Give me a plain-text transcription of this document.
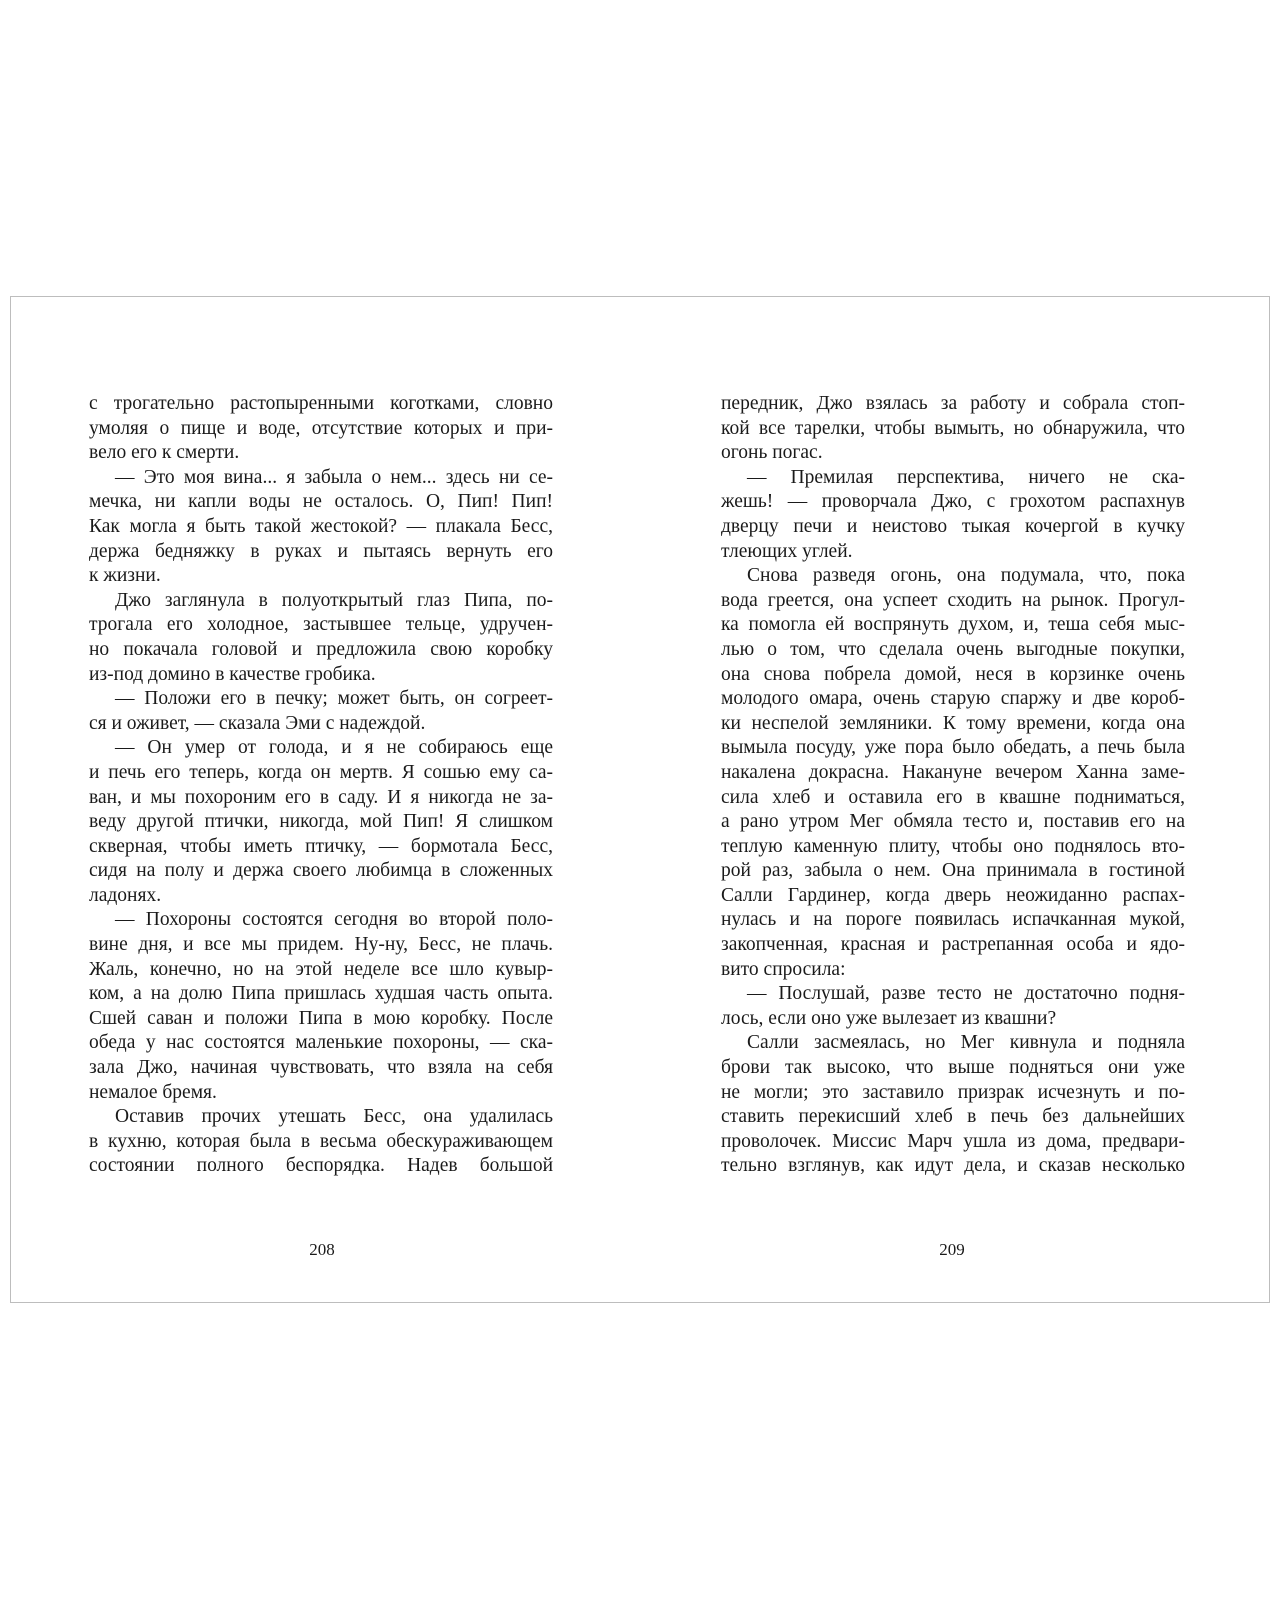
с трогательно растопыренными коготками, словно
умоляя о пище и воде, отсутствие которых и при-
вело его к смерти.
— Это моя вина... я забыла о нем... здесь ни се-
мечка, ни капли воды не осталось. О, Пип! Пип!
Как могла я быть такой жестокой? — плакала Бесс,
держа бедняжку в руках и пытаясь вернуть его
к жизни.
Джо заглянула в полуоткрытый глаз Пипа, по-
трогала его холодное, застывшее тельце, удручен-
но покачала головой и предложила свою коробку
из-под домино в качестве гробика.
— Положи его в печку; может быть, он согреет-
ся и оживет, — сказала Эми с надеждой.
— Он умер от голода, и я не собираюсь еще
и печь его теперь, когда он мертв. Я сошью ему са-
ван, и мы похороним его в саду. И я никогда не за-
веду другой птички, никогда, мой Пип! Я слишком
скверная, чтобы иметь птичку, — бормотала Бесс,
сидя на полу и держа своего любимца в сложенных
ладонях.
— Похороны состоятся сегодня во второй поло-
вине дня, и все мы придем. Ну-ну, Бесс, не плачь.
Жаль, конечно, но на этой неделе все шло кувыр-
ком, а на долю Пипа пришлась худшая часть опыта.
Сшей саван и положи Пипа в мою коробку. После
обеда у нас состоятся маленькие похороны, — ска-
зала Джо, начиная чувствовать, что взяла на себя
немалое бремя.
Оставив прочих утешать Бесс, она удалилась
в кухню, которая была в весьма обескураживающем
состоянии полного беспорядка. Надев большой
208
передник, Джо взялась за работу и собрала стоп-
кой все тарелки, чтобы вымыть, но обнаружила, что
огонь погас.
— Премилая перспектива, ничего не ска-
жешь! — проворчала Джо, с грохотом распахнув
дверцу печи и неистово тыкая кочергой в кучку
тлеющих углей.
Снова разведя огонь, она подумала, что, пока
вода греется, она успеет сходить на рынок. Прогул-
ка помогла ей воспрянуть духом, и, теша себя мыс-
лью о том, что сделала очень выгодные покупки,
она снова побрела домой, неся в корзинке очень
молодого омара, очень старую спаржу и две короб-
ки неспелой земляники. К тому времени, когда она
вымыла посуду, уже пора было обедать, а печь была
накалена докрасна. Накануне вечером Ханна заме-
сила хлеб и оставила его в квашне подниматься,
а рано утром Мег обмяла тесто и, поставив его на
теплую каменную плиту, чтобы оно поднялось вто-
рой раз, забыла о нем. Она принимала в гостиной
Салли Гардинер, когда дверь неожиданно распах-
нулась и на пороге появилась испачканная мукой,
закопченная, красная и растрепанная особа и ядо-
вито спросила:
— Послушай, разве тесто не достаточно подня-
лось, если оно уже вылезает из квашни?
Салли засмеялась, но Мег кивнула и подняла
брови так высоко, что выше подняться они уже
не могли; это заставило призрак исчезнуть и по-
ставить перекисший хлеб в печь без дальнейших
проволочек. Миссис Марч ушла из дома, предвари-
тельно взглянув, как идут дела, и сказав несколько
209
